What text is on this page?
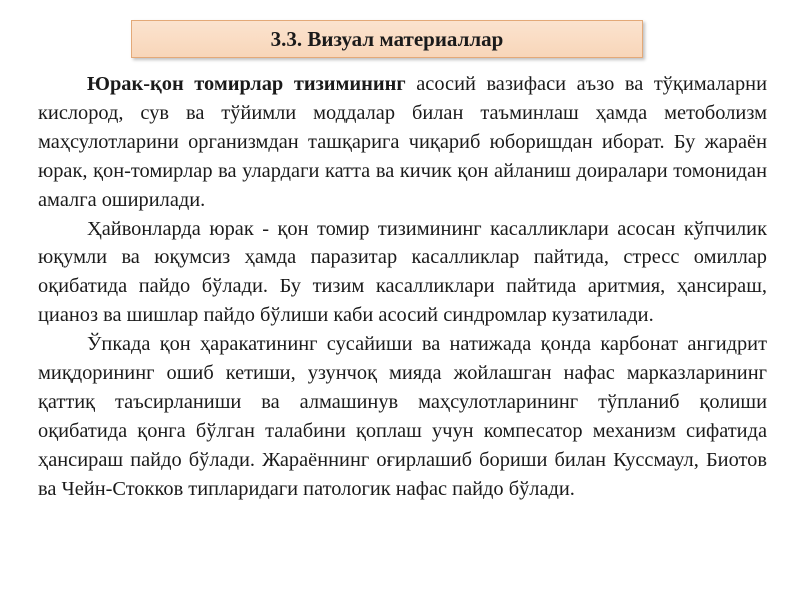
3.3. Визуал материаллар

Юрак-қон томирлар тизимининг асосий вазифаси аъзо ва тўқималарни кислород, сув ва тўйимли моддалар билан таъминлаш ҳамда метоболизм маҳсулотларини организмдан ташқарига чиқариб юборишдан иборат. Бу жараён юрак, қон-томирлар ва улардаги катта ва кичик қон айланиш доиралари томонидан амалга оширилади.

Ҳайвонларда юрак - қон томир тизимининг касалликлари асосан кўпчилик юқумли ва юқумсиз ҳамда паразитар касалликлар пайтида, стресс омиллар оқибатида пайдо бўлади. Бу тизим касалликлари пайтида аритмия, ҳансираш, цианоз ва шишлар пайдо бўлиши каби асосий синдромлар кузатилади.

Ўпкада қон ҳаракатининг сусайиши ва натижада қонда карбонат ангидрит миқдорининг ошиб кетиши, узунчоқ мияда жойлашган нафас марказларининг қаттиқ таъсирланиши ва алмашинув маҳсулотларининг тўпланиб қолиши оқибатида қонга бўлган талабини қоплаш учун компесатор механизм сифатида ҳансираш пайдо бўлади. Жараённинг оғирлашиб бориши билан Куссмаул, Биотов ва Чейн-Стокков типларидаги патологик нафас пайдо бўлади.
